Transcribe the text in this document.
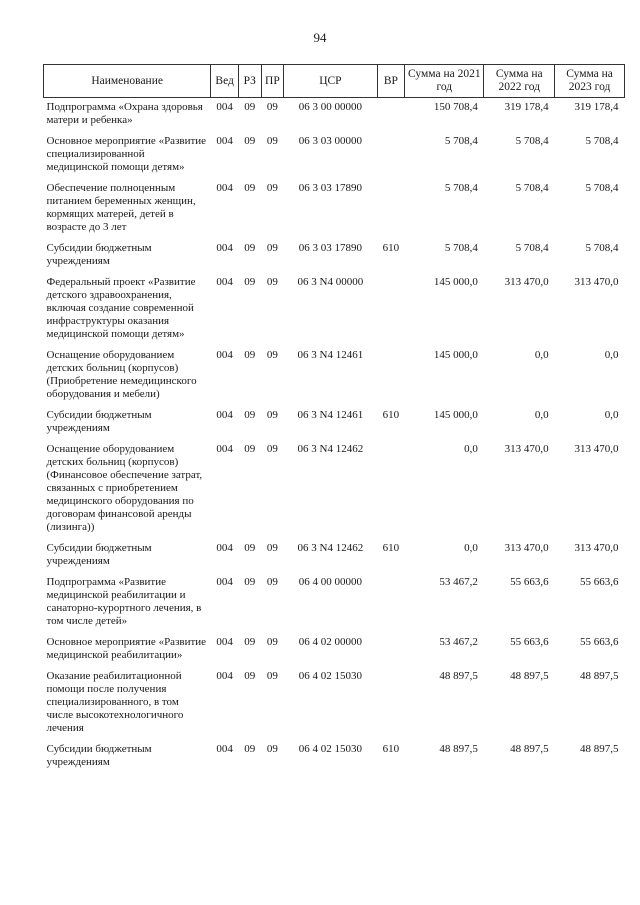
94
Наименование	Вед	РЗ	ПР	ЦСР	ВР	Сумма на 2021 год	Сумма на 2022 год	Сумма на 2023 год
Подпрограмма «Охрана здоровья матери и ребенка»	004	09	09	06 3 00 00000		150 708,4	319 178,4	319 178,4
Основное мероприятие «Развитие специализированной медицинской помощи детям»	004	09	09	06 3 03 00000		5 708,4	5 708,4	5 708,4
Обеспечение полноценным питанием беременных женщин, кормящих матерей, детей в возрасте до 3 лет	004	09	09	06 3 03 17890		5 708,4	5 708,4	5 708,4
Субсидии бюджетным учреждениям	004	09	09	06 3 03 17890	610	5 708,4	5 708,4	5 708,4
Федеральный проект «Развитие детского здравоохранения, включая создание современной инфраструктуры оказания медицинской помощи детям»	004	09	09	06 3 N4 00000		145 000,0	313 470,0	313 470,0
Оснащение оборудованием детских больниц (корпусов) (Приобретение немедицинского оборудования и мебели)	004	09	09	06 3 N4 12461		145 000,0	0,0	0,0
Субсидии бюджетным учреждениям	004	09	09	06 3 N4 12461	610	145 000,0	0,0	0,0
Оснащение оборудованием детских больниц (корпусов) (Финансовое обеспечение затрат, связанных с приобретением медицинского оборудования по договорам финансовой аренды (лизинга))	004	09	09	06 3 N4 12462		0,0	313 470,0	313 470,0
Субсидии бюджетным учреждениям	004	09	09	06 3 N4 12462	610	0,0	313 470,0	313 470,0
Подпрограмма «Развитие медицинской реабилитации и санаторно-курортного лечения, в том числе детей»	004	09	09	06 4 00 00000		53 467,2	55 663,6	55 663,6
Основное мероприятие «Развитие медицинской реабилитации»	004	09	09	06 4 02 00000		53 467,2	55 663,6	55 663,6
Оказание реабилитационной помощи после получения специализированного, в том числе высокотехнологичного лечения	004	09	09	06 4 02 15030		48 897,5	48 897,5	48 897,5
Субсидии бюджетным учреждениям	004	09	09	06 4 02 15030	610	48 897,5	48 897,5	48 897,5
